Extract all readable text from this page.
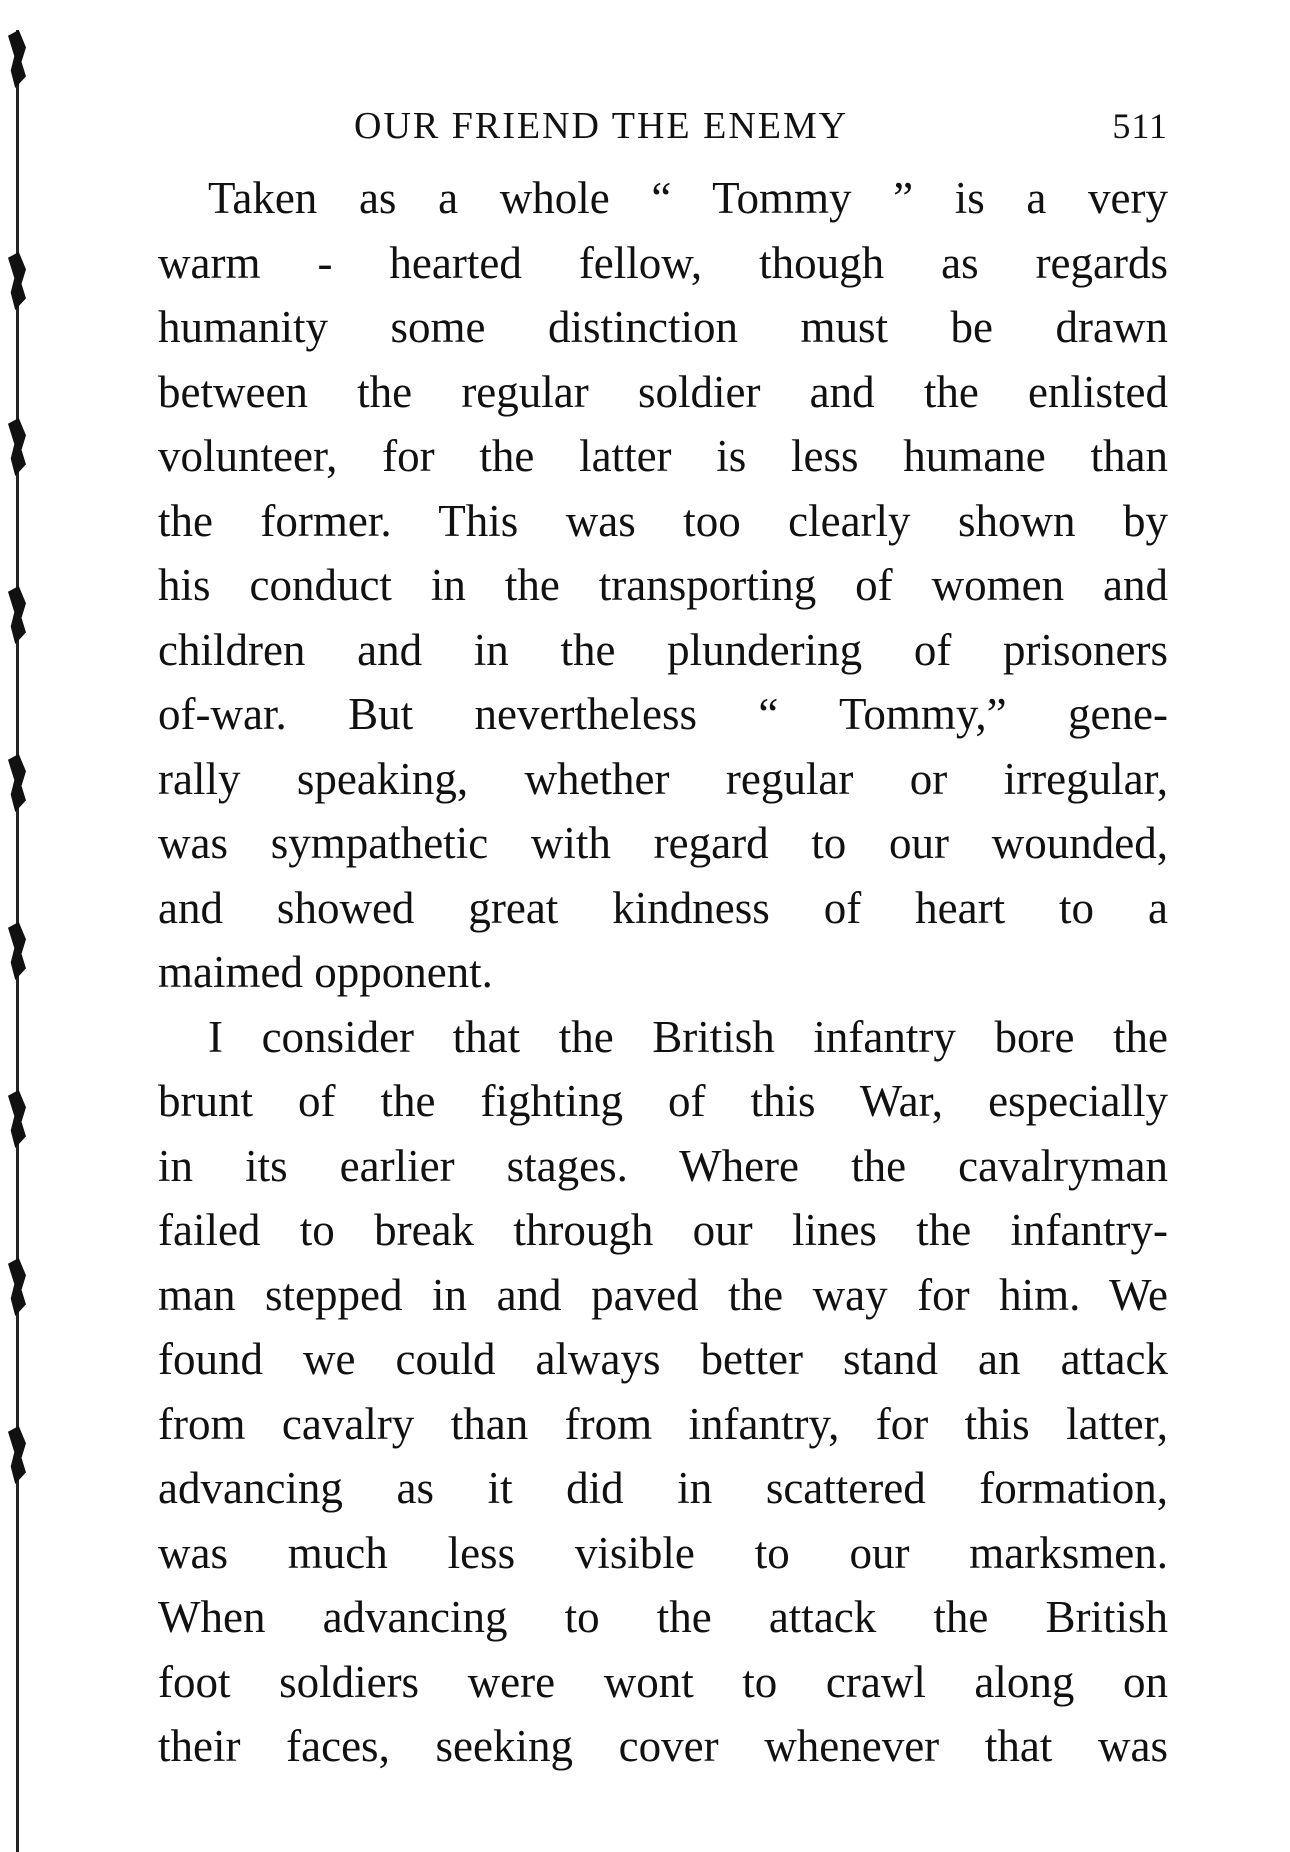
OUR FRIEND THE ENEMY	511
Taken as a whole “ Tommy ” is a very
warm - hearted fellow, though as regards
humanity some distinction must be drawn
between the regular soldier and the enlisted
volunteer, for the latter is less humane than
the former. This was too clearly shown by
his conduct in the transporting of women and
children and in the plundering of prisoners
of-war. But nevertheless “ Tommy,” gene-
rally speaking, whether regular or irregular,
was sympathetic with regard to our wounded,
and showed great kindness of heart to a
maimed opponent.
I consider that the British infantry bore the
brunt of the fighting of this War, especially
in its earlier stages. Where the cavalryman
failed to break through our lines the infantry-
man stepped in and paved the way for him. We
found we could always better stand an attack
from cavalry than from infantry, for this latter,
advancing as it did in scattered formation,
was much less visible to our marksmen.
When advancing to the attack the British
foot soldiers were wont to crawl along on
their faces, seeking cover whenever that was
